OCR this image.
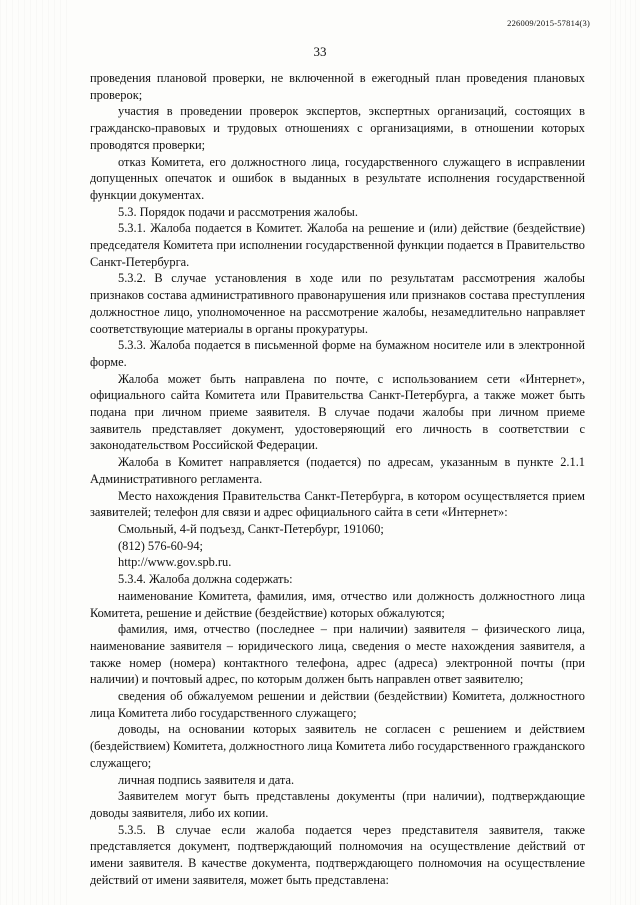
226009/2015-57814(3)
33

проведения плановой проверки, не включенной в ежегодный план проведения плановых проверок;

участия в проведении проверок экспертов, экспертных организаций, состоящих в гражданско-правовых и трудовых отношениях с организациями, в отношении которых проводятся проверки;

отказ Комитета, его должностного лица, государственного служащего в исправлении допущенных опечаток и ошибок в выданных в результате исполнения государственной функции документах.

5.3. Порядок подачи и рассмотрения жалобы.

5.3.1. Жалоба подается в Комитет. Жалоба на решение и (или) действие (бездействие) председателя Комитета при исполнении государственной функции подается в Правительство Санкт-Петербурга.

5.3.2. В случае установления в ходе или по результатам рассмотрения жалобы признаков состава административного правонарушения или признаков состава преступления должностное лицо, уполномоченное на рассмотрение жалобы, незамедлительно направляет соответствующие материалы в органы прокуратуры.

5.3.3. Жалоба подается в письменной форме на бумажном носителе или в электронной форме.

Жалоба может быть направлена по почте, с использованием сети «Интернет», официального сайта Комитета или Правительства Санкт-Петербурга, а также может быть подана при личном приеме заявителя. В случае подачи жалобы при личном приеме заявитель представляет документ, удостоверяющий его личность в соответствии с законодательством Российской Федерации.

Жалоба в Комитет направляется (подается) по адресам, указанным в пункте 2.1.1 Административного регламента.

Место нахождения Правительства Санкт-Петербурга, в котором осуществляется прием заявителей; телефон для связи и адрес официального сайта в сети «Интернет»:

Смольный, 4-й подъезд, Санкт-Петербург, 191060;

(812) 576-60-94;

http://www.gov.spb.ru.

5.3.4. Жалоба должна содержать:

наименование Комитета, фамилия, имя, отчество или должность должностного лица Комитета, решение и действие (бездействие) которых обжалуются;

фамилия, имя, отчество (последнее – при наличии) заявителя – физического лица, наименование заявителя – юридического лица, сведения о месте нахождения заявителя, а также номер (номера) контактного телефона, адрес (адреса) электронной почты (при наличии) и почтовый адрес, по которым должен быть направлен ответ заявителю;

сведения об обжалуемом решении и действии (бездействии) Комитета, должностного лица Комитета либо государственного служащего;

доводы, на основании которых заявитель не согласен с решением и действием (бездействием) Комитета, должностного лица Комитета либо государственного гражданского служащего;

личная подпись заявителя и дата.

Заявителем могут быть представлены документы (при наличии), подтверждающие доводы заявителя, либо их копии.

5.3.5. В случае если жалоба подается через представителя заявителя, также представляется документ, подтверждающий полномочия на осуществление действий от имени заявителя. В качестве документа, подтверждающего полномочия на осуществление действий от имени заявителя, может быть представлена:
